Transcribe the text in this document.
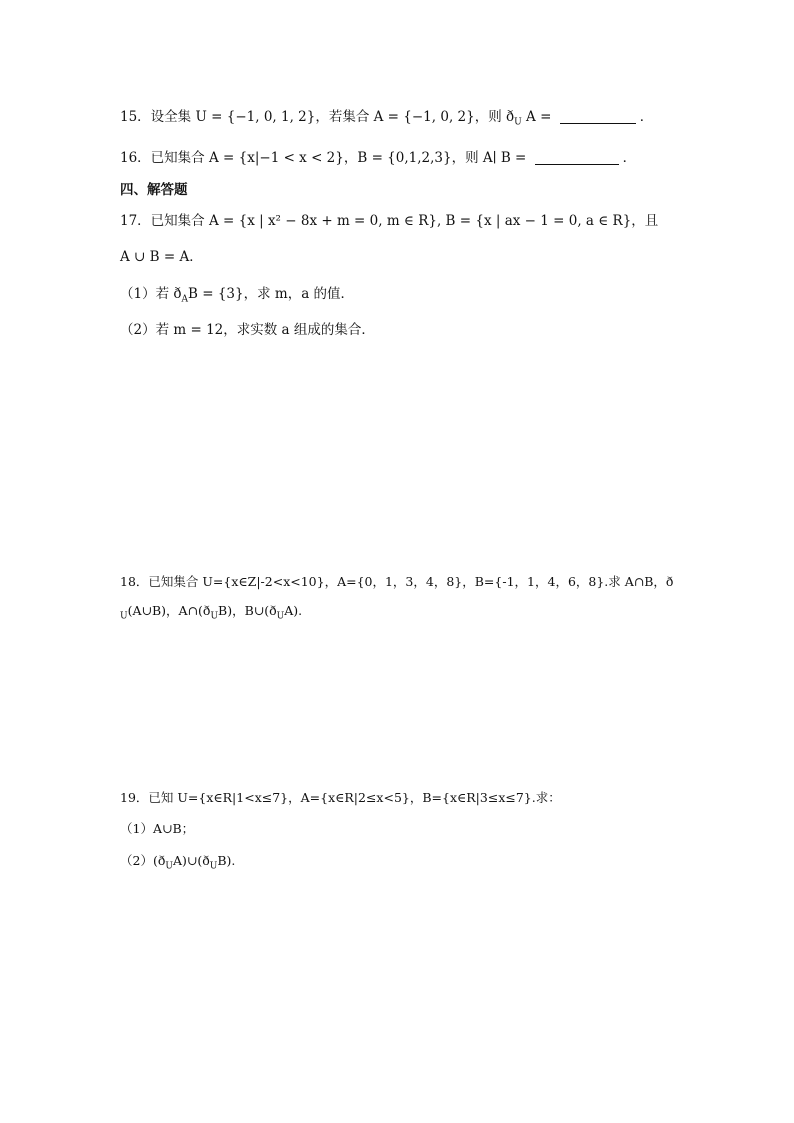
15．设全集 U = {−1, 0, 1, 2}，若集合 A = {−1, 0, 2}，则 $ð_U$ A =	．
16．已知集合 A = {x|−1 < x < 2}，B = {0,1,2,3}，则 A∣ B =	．
四、解答题
17．已知集合 A = {x | x² − 8x + m = 0, m ∈ R}, B = {x | ax − 1 = 0, a ∈ R}，且
A ∪ B = A．
（1）若 $ð_AB = \{3\}$，求 m，a 的值．
（2）若 m = 12，求实数 a 组成的集合．
18．已知集合 U={x∈Z|-2<x<10}，A={0，1，3，4，8}，B={-1，1，4，6，8}.求 A∩B，ð
$_U$(A∪B)，$A\cap(ð_UB)$，$B\cup(ð_UA)$.
19．已知 U={x∈R|1<x≤7}，A={x∈R|2≤x<5}，B={x∈R|3≤x≤7}.求：
（1）A∪B；
$(2)(ð_UA)\cup(ð_UB)$.
